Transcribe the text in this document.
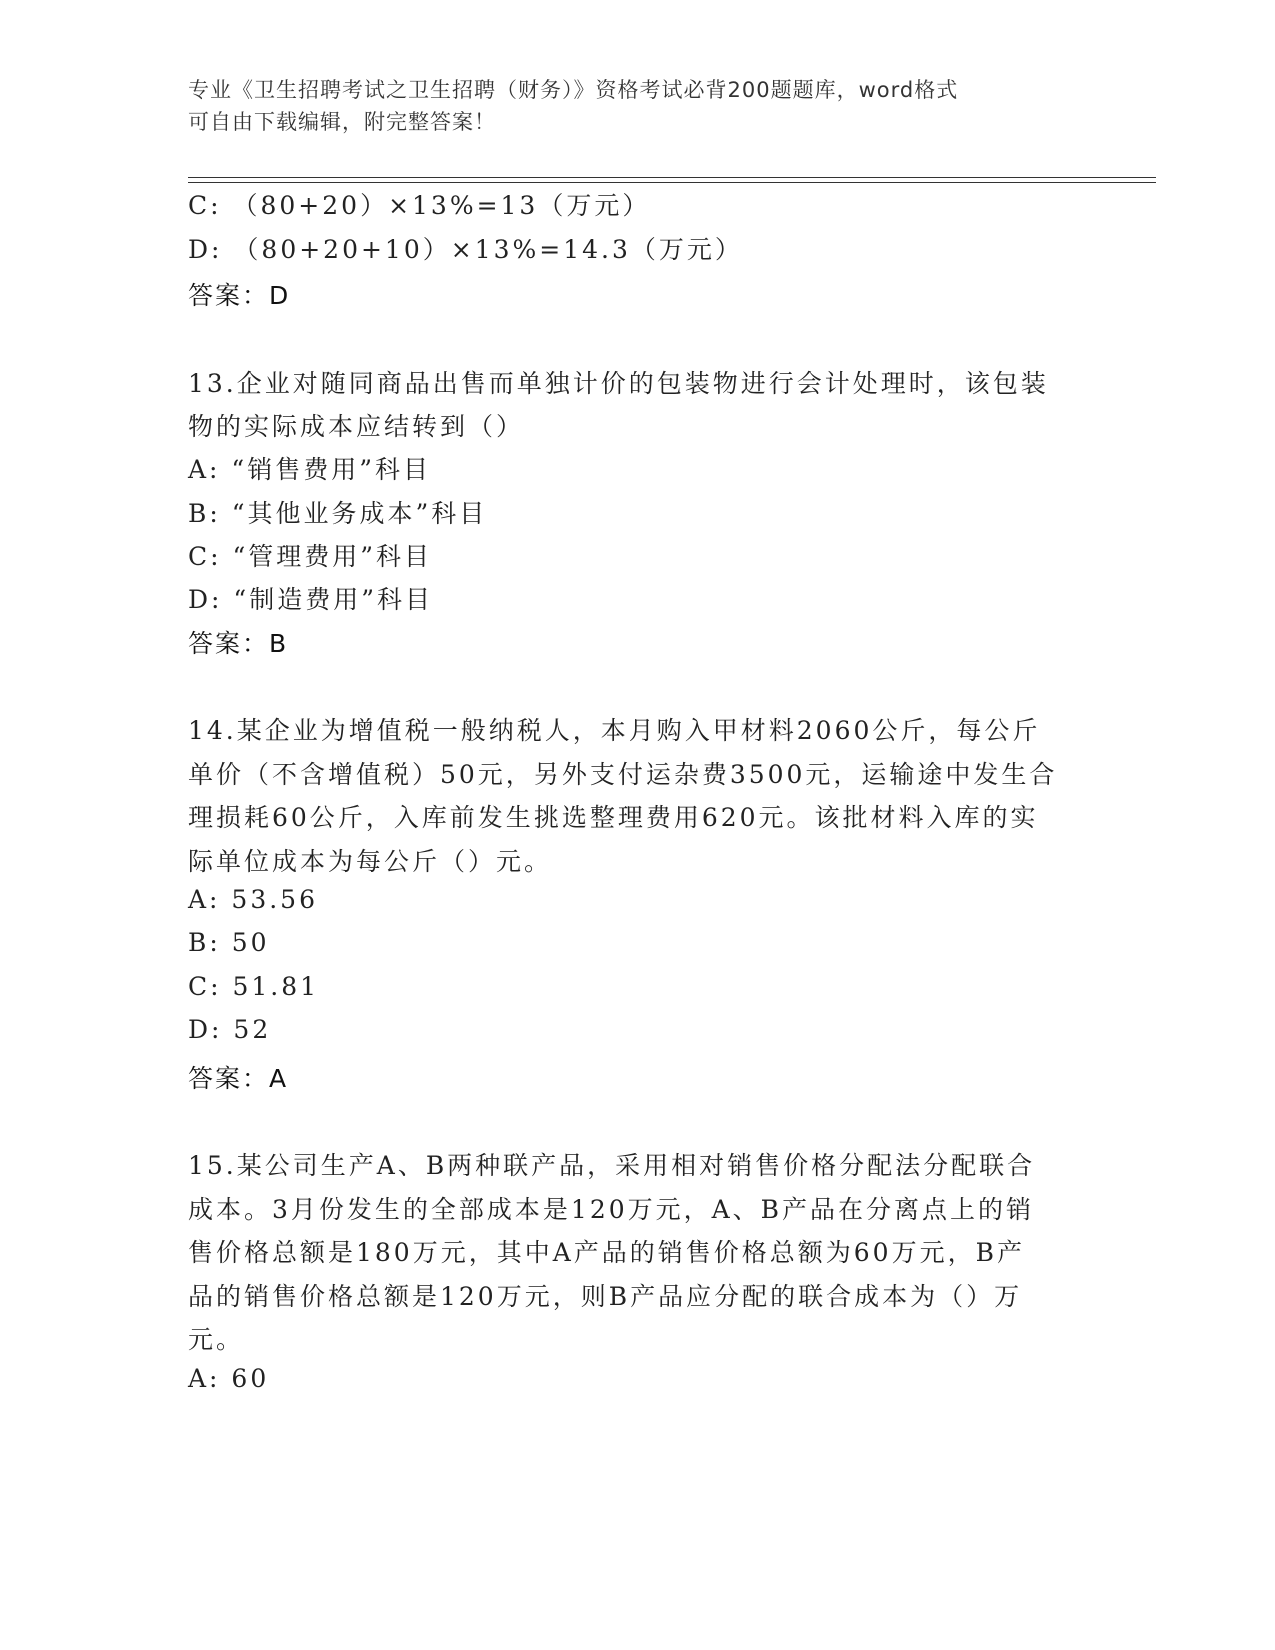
专业《卫生招聘考试之卫生招聘（财务）》资格考试必背200题题库，word格式
可自由下载编辑，附完整答案！
C: （80+20）×13%=13（万元）
D: （80+20+10）×13%=14.3（万元）
答案：D
13.企业对随同商品出售而单独计价的包装物进行会计处理时，该包装
物的实际成本应结转到（）
A: “销售费用”科目
B: “其他业务成本”科目
C: “管理费用”科目
D: “制造费用”科目
答案：B
14.某企业为增值税一般纳税人，本月购入甲材料2060公斤，每公斤
单价（不含增值税）50元，另外支付运杂费3500元，运输途中发生合
理损耗60公斤，入库前发生挑选整理费用620元。该批材料入库的实
际单位成本为每公斤（）元。
A: 53.56
B: 50
C: 51.81
D: 52
答案：A
15.某公司生产A、B两种联产品，采用相对销售价格分配法分配联合
成本。3月份发生的全部成本是120万元，A、B产品在分离点上的销
售价格总额是180万元，其中A产品的销售价格总额为60万元，B产
品的销售价格总额是120万元，则B产品应分配的联合成本为（）万
元。
A: 60
